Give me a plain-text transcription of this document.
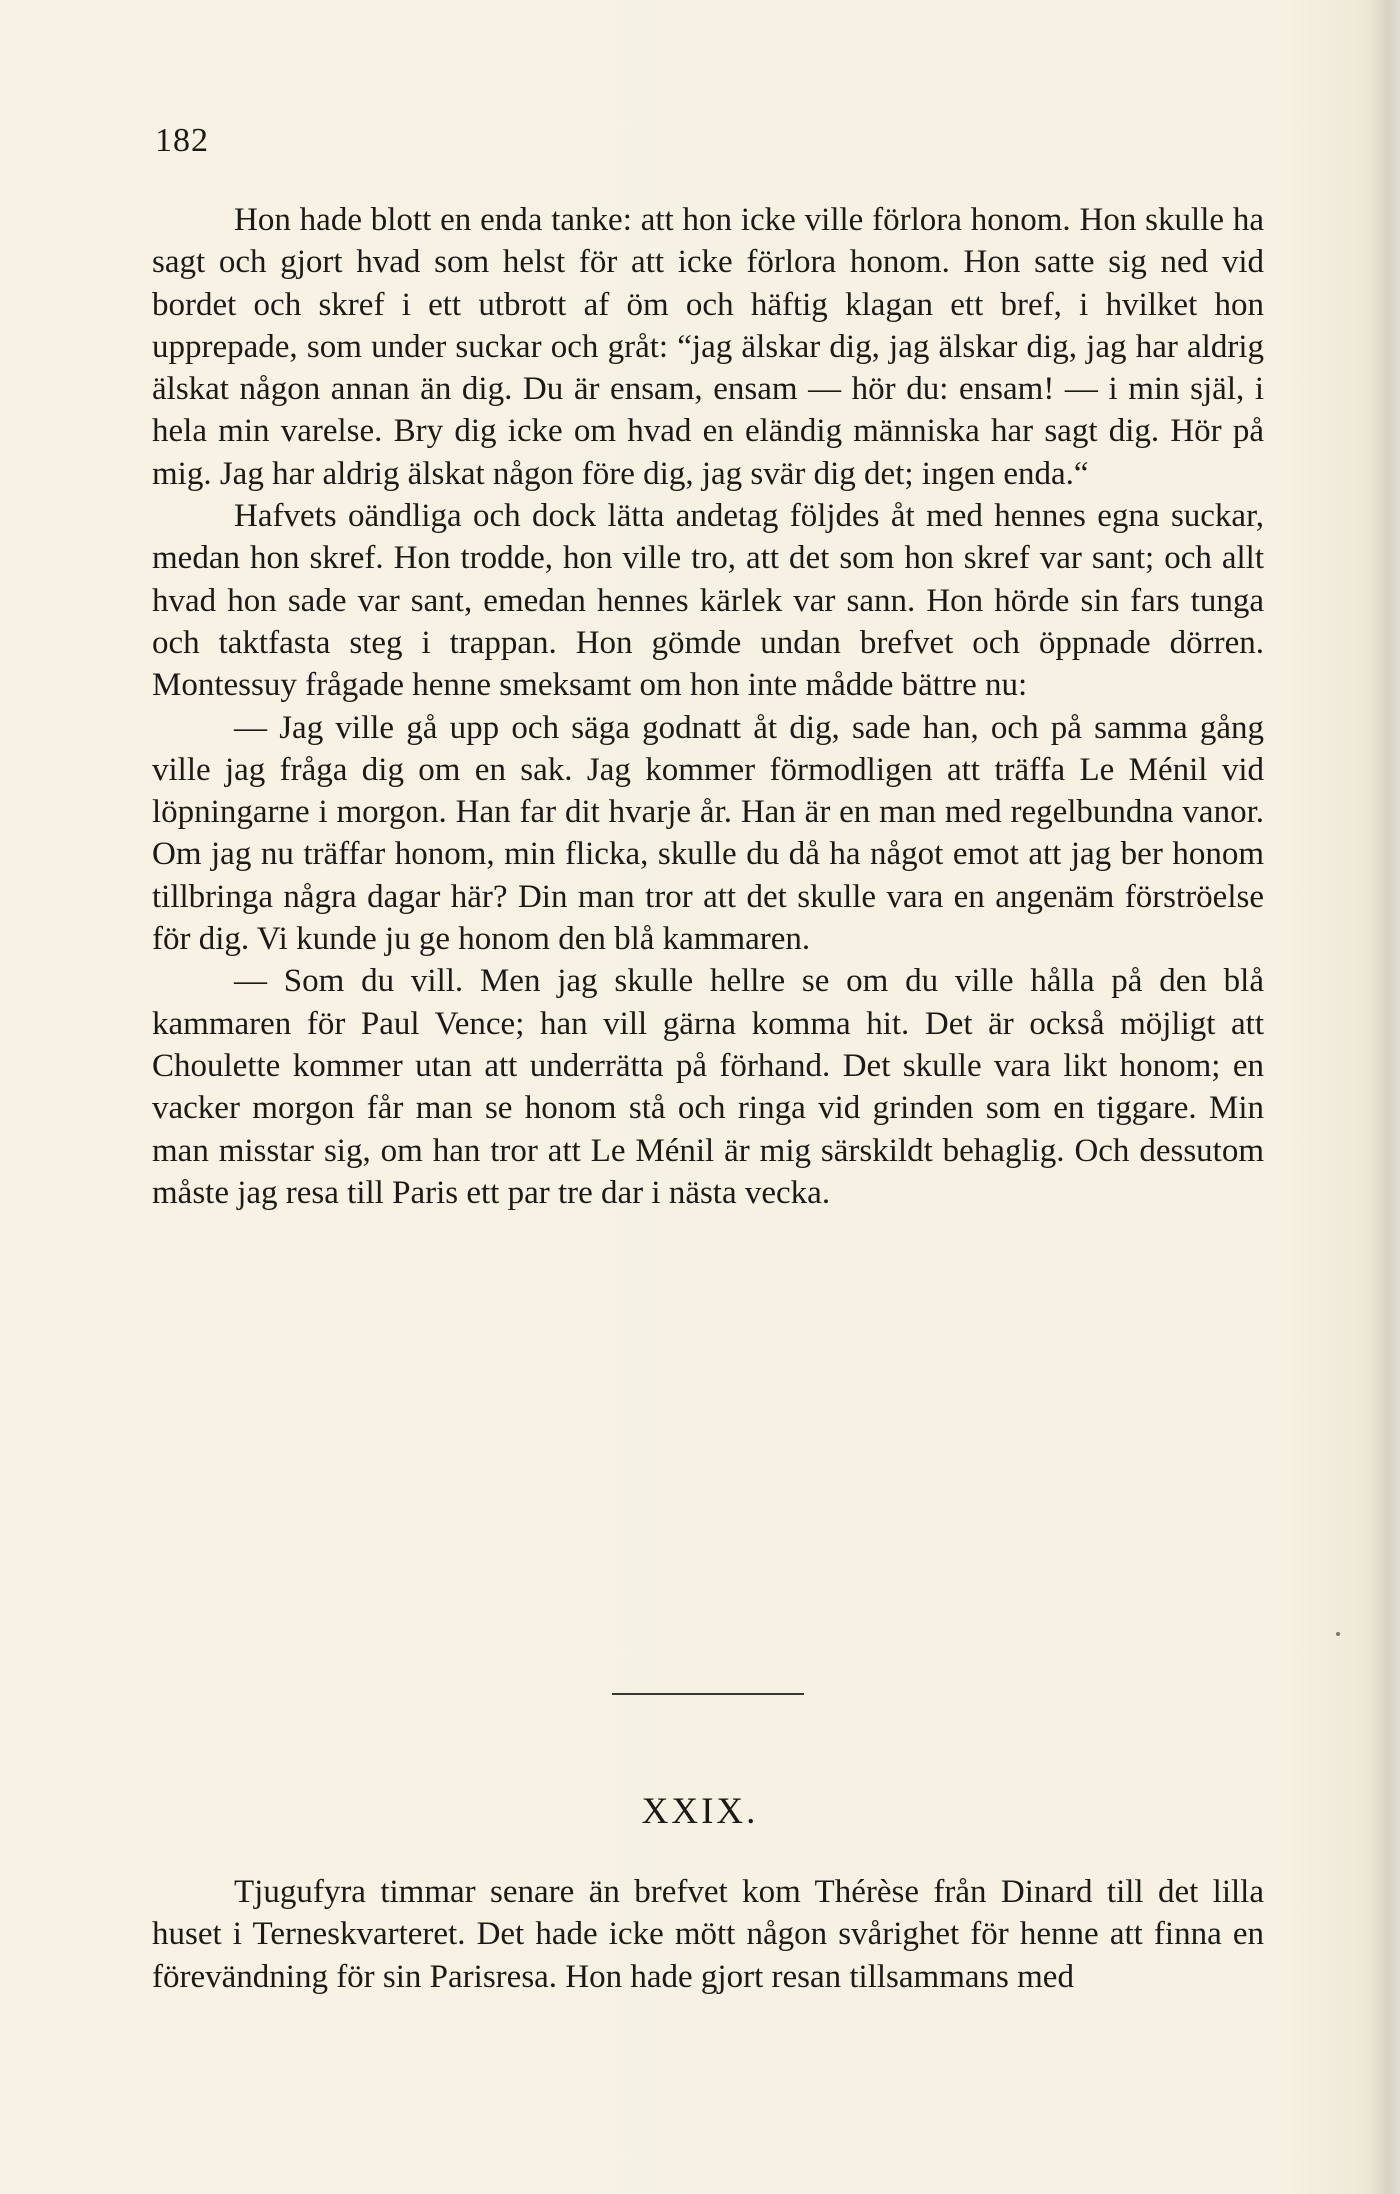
182

Hon hade blott en enda tanke: att hon icke ville förlora honom. Hon skulle ha sagt och gjort hvad som helst för att icke förlora honom. Hon satte sig ned vid bordet och skref i ett utbrott af öm och häftig klagan ett bref, i hvilket hon upprepade, som under suckar och gråt: “jag älskar dig, jag älskar dig, jag har aldrig älskat någon annan än dig. Du är ensam, ensam — hör du: ensam! — i min själ, i hela min varelse. Bry dig icke om hvad en eländig människa har sagt dig. Hör på mig. Jag har aldrig älskat någon före dig, jag svär dig det; ingen enda.“

Hafvets oändliga och dock lätta andetag följdes åt med hennes egna suckar, medan hon skref. Hon trodde, hon ville tro, att det som hon skref var sant; och allt hvad hon sade var sant, emedan hennes kärlek var sann. Hon hörde sin fars tunga och taktfasta steg i trappan. Hon gömde undan brefvet och öppnade dörren. Montessuy frågade henne smeksamt om hon inte mådde bättre nu:

— Jag ville gå upp och säga godnatt åt dig, sade han, och på samma gång ville jag fråga dig om en sak. Jag kommer förmodligen att träffa Le Ménil vid löpningarne i morgon. Han far dit hvarje år. Han är en man med regelbundna vanor. Om jag nu träffar honom, min flicka, skulle du då ha något emot att jag ber honom tillbringa några dagar här? Din man tror att det skulle vara en angenäm förströelse för dig. Vi kunde ju ge honom den blå kammaren.

— Som du vill. Men jag skulle hellre se om du ville hålla på den blå kammaren för Paul Vence; han vill gärna komma hit. Det är också möjligt att Choulette kommer utan att underrätta på förhand. Det skulle vara likt honom; en vacker morgon får man se honom stå och ringa vid grinden som en tiggare. Min man misstar sig, om han tror att Le Ménil är mig särskildt behaglig. Och dessutom måste jag resa till Paris ett par tre dar i nästa vecka.

XXIX.

Tjugufyra timmar senare än brefvet kom Thérèse från Dinard till det lilla huset i Terneskvarteret. Det hade icke mött någon svårighet för henne att finna en förevändning för sin Parisresa. Hon hade gjort resan tillsammans med
